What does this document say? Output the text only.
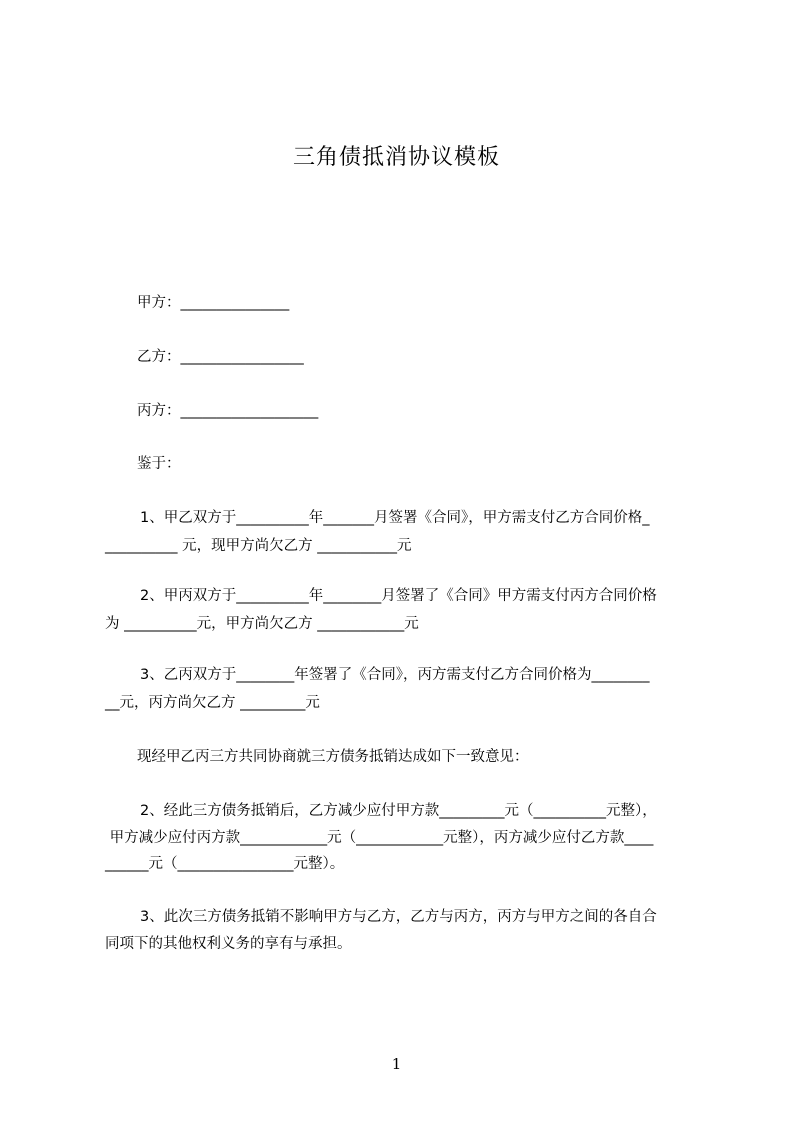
三角债抵消协议模板
甲方：_______________
乙方：_________________
丙方：___________________
鉴于：
1、甲乙双方于__________年_______月签署《合同》，甲方需支付乙方合同价格_
__________ 元，现甲方尚欠乙方 ___________元
2、甲丙双方于__________年________月签署了《合同》甲方需支付丙方合同价格
为 __________元，甲方尚欠乙方 ____________元
3、乙丙双方于________年签署了《合同》，丙方需支付乙方合同价格为________
__元，丙方尚欠乙方 _________元
现经甲乙丙三方共同协商就三方债务抵销达成如下一致意见：
2、经此三方债务抵销后，乙方减少应付甲方款_________元（__________元整），
甲方减少应付丙方款____________元（____________元整），丙方减少应付乙方款____
______元（________________元整）。
3、此次三方债务抵销不影响甲方与乙方，乙方与丙方，丙方与甲方之间的各自合
同项下的其他权利义务的享有与承担。
1
